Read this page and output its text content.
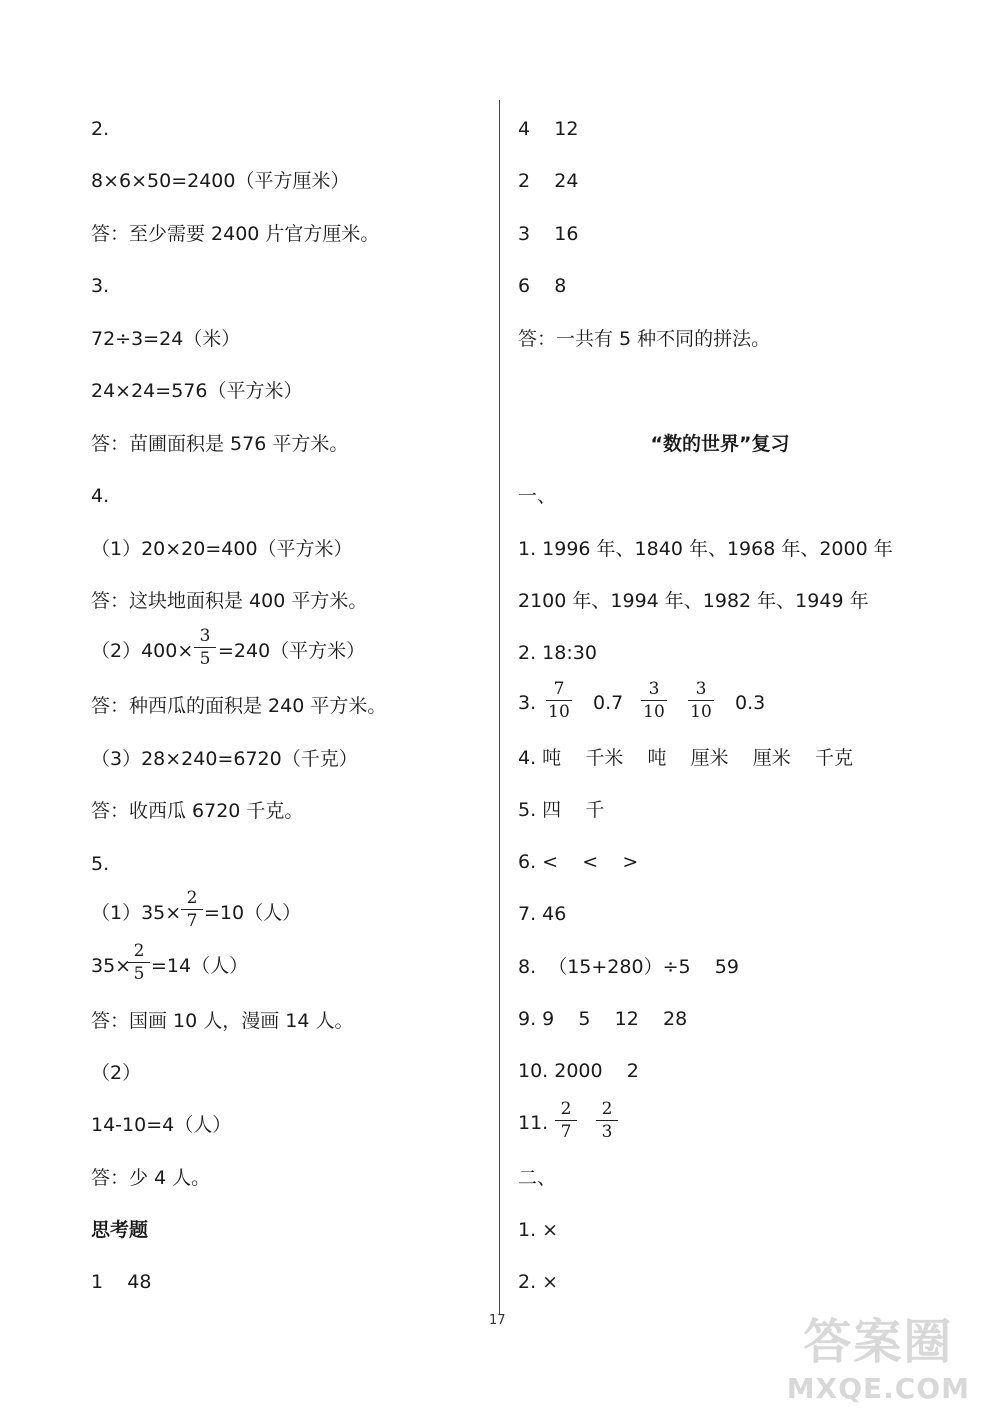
2.
8×6×50=2400（平方厘米）
答：至少需要 2400 片官方厘米。
3.
72÷3=24（米）
24×24=576（平方米）
答：苗圃面积是 576 平方米。
4.
（1）20×20=400（平方米）
答：这块地面积是 400 平方米。
（2）400×
3
5 =240（平方米）
答：种西瓜的面积是 240 平方米。
（3）28×240=6720（千克）
答：收西瓜 6720 千克。
5.
（1）35×
2
7 =10（人）
35×
2
5 =14（人）
答：国画 10 人，漫画 14 人。
（2）
14-10=4（人）
答：少 4 人。
思考题
1    48
4    12
2    24
3    16
6    8
答：一共有 5 种不同的拼法。
“数的世界”复习
一、
1. 1996 年、1840 年、1968 年、2000 年
2100 年、1994 年、1982 年、1949 年
2. 18:30
3.
7
10 0.7
3
10
3
10 0.3
4. 吨    千米    吨    厘米    厘米    千克
5. 四    千
6. <    <    >
7. 46
8.  （15+280）÷5    59
9. 9    5    12    28
10. 2000    2
11.
2
7
2
3
二、
1. ×
2. ×
17	答案圈
MXQE.COM
